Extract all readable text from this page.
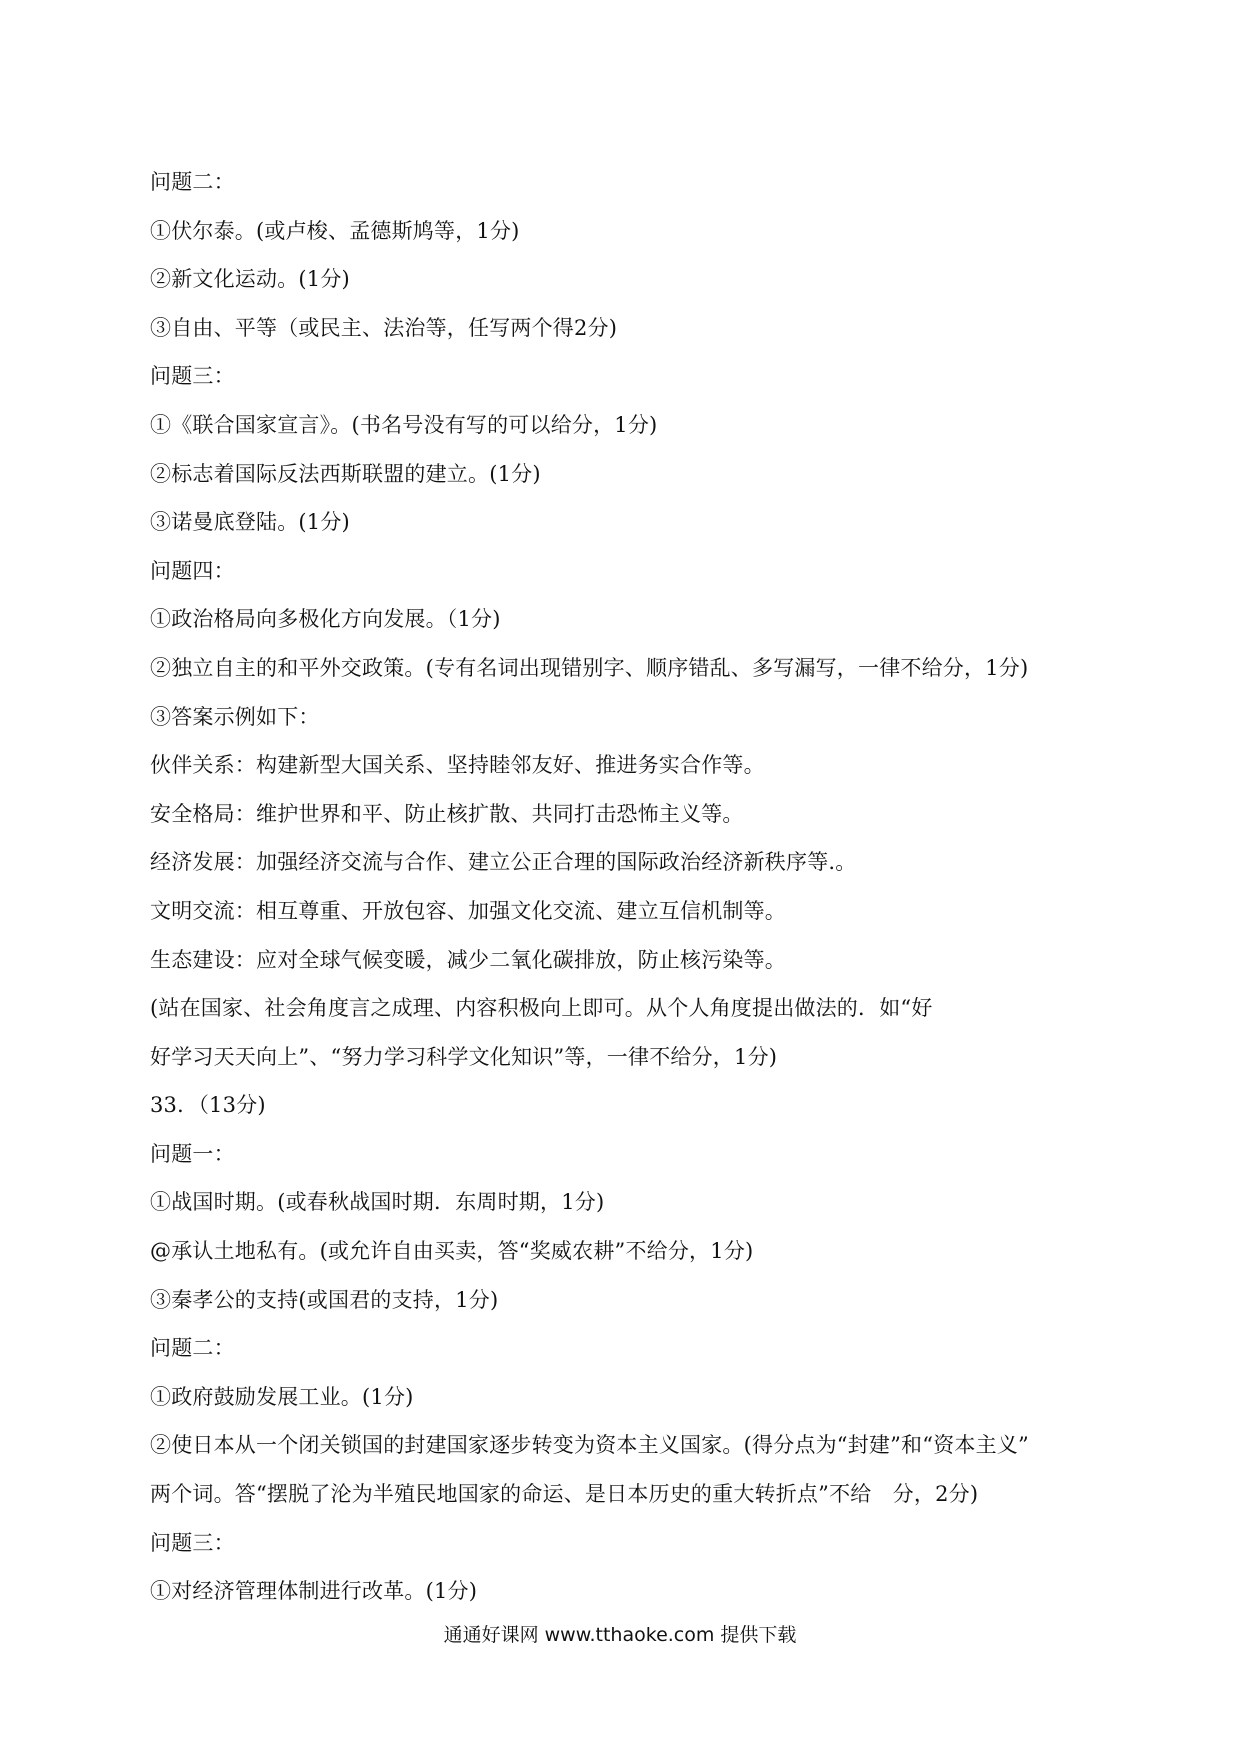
问题二：
①伏尔泰。(或卢梭、孟德斯鸠等，1分)
②新文化运动。(1分)
③自由、平等（或民主、法治等，任写两个得2分)
问题三：
①《联合国家宣言》。(书名号没有写的可以给分，1分)
②标志着国际反法西斯联盟的建立。(1分)
③诺曼底登陆。(1分)
问题四：
①政治格局向多极化方向发展。（1分)
②独立自主的和平外交政策。(专有名词出现错别字、顺序错乱、多写漏写，一律不给分，1分)
③答案示例如下：
伙伴关系：构建新型大国关系、坚持睦邻友好、推进务实合作等。
安全格局：维护世界和平、防止核扩散、共同打击恐怖主义等。
经济发展：加强经济交流与合作、建立公正合理的国际政治经济新秩序等.。
文明交流：相互尊重、开放包容、加强文化交流、建立互信机制等。
生态建设：应对全球气候变暖，减少二氧化碳排放，防止核污染等。
(站在国家、社会角度言之成理、内容积极向上即可。从个人角度提出做法的．如“好
好学习天天向上”、“努力学习科学文化知识”等，一律不给分，1分)
33．（13分)
问题一：
①战国时期。(或春秋战国时期．东周时期，1分)
@承认土地私有。(或允许自由买卖，答“奖威农耕”不给分，1分)
③秦孝公的支持(或国君的支持，1分)
问题二：
①政府鼓励发展工业。(1分)
②使日本从一个闭关锁国的封建国家逐步转变为资本主义国家。(得分点为“封建”和“资本主义”
两个词。答“摆脱了沦为半殖民地国家的命运、是日本历史的重大转折点”不给　分，2分)
问题三：
①对经济管理体制进行改革。(1分)
通通好课网 www.tthaoke.com 提供下载
